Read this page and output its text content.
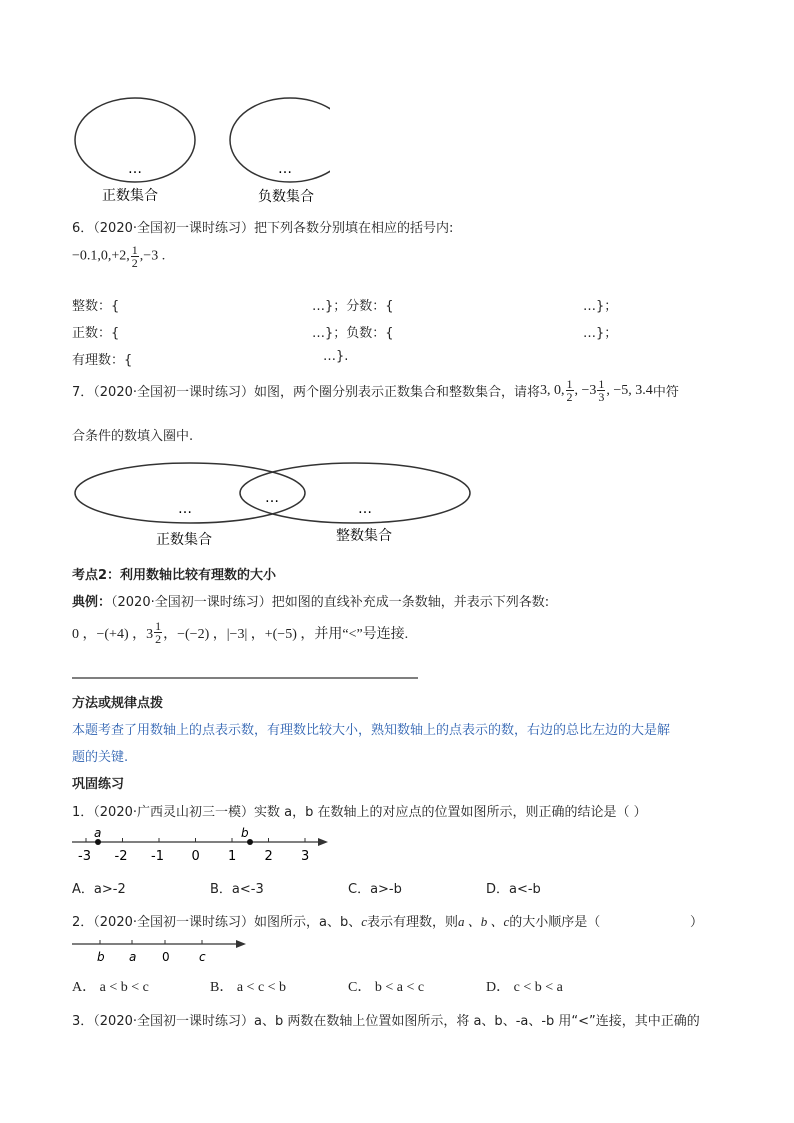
…	…
正数集合	负数集合
6．（2020·全国初一课时练习）把下列各数分别填在相应的括号内:
−0.1,0,+2, $\frac{1}{2} ,-3$ .
整数：{	…}；分数：{	…}；
正数：{	…}；负数：{	…}；
有理数：{	…}.
7．（2020·全国初一课时练习）如图，两个圈分别表示正数集合和整数集合，请将 3, 0, $\frac{1}{2}$ , $-3 \frac{1}{3}$ , −5, 3.4 中符
合条件的数填入圈中.
…
…
…
正数集合	整数集合
考点2：利用数轴比较有理数的大小
典例：（2020·全国初一课时练习）把如图的直线补充成一条数轴，并表示下列各数:
0 ，−(+4) ，$3 \frac{1}{2}$ ，−(−2) ，|−3| ，+(−5) ，并用“<”号连接.
方法或规律点拨
本题考查了用数轴上的点表示数，有理数比较大小，熟知数轴上的点表示的数，右边的总比左边的大是解
题的关键.
巩固练习
1．（2020·广西灵山初三一模）实数 a，b 在数轴上的对应点的位置如图所示，则正确的结论是（ ）
-3 -2 -1 0 1 2 3
a	b
A．a>-2	B．a<-3	C．a>-b	D．a<-b
2．（2020·全国初一课时练习）如图所示，a、b、c表示有理数，则a 、b 、c的大小顺序是（	）
b a 0 c
A． a < b < c	B． a < c < b	C． b < a < c	D． c < b < a
3．（2020·全国初一课时练习）a、b 两数在数轴上位置如图所示，将 a、b、-a、-b 用“<”连接，其中正确的
